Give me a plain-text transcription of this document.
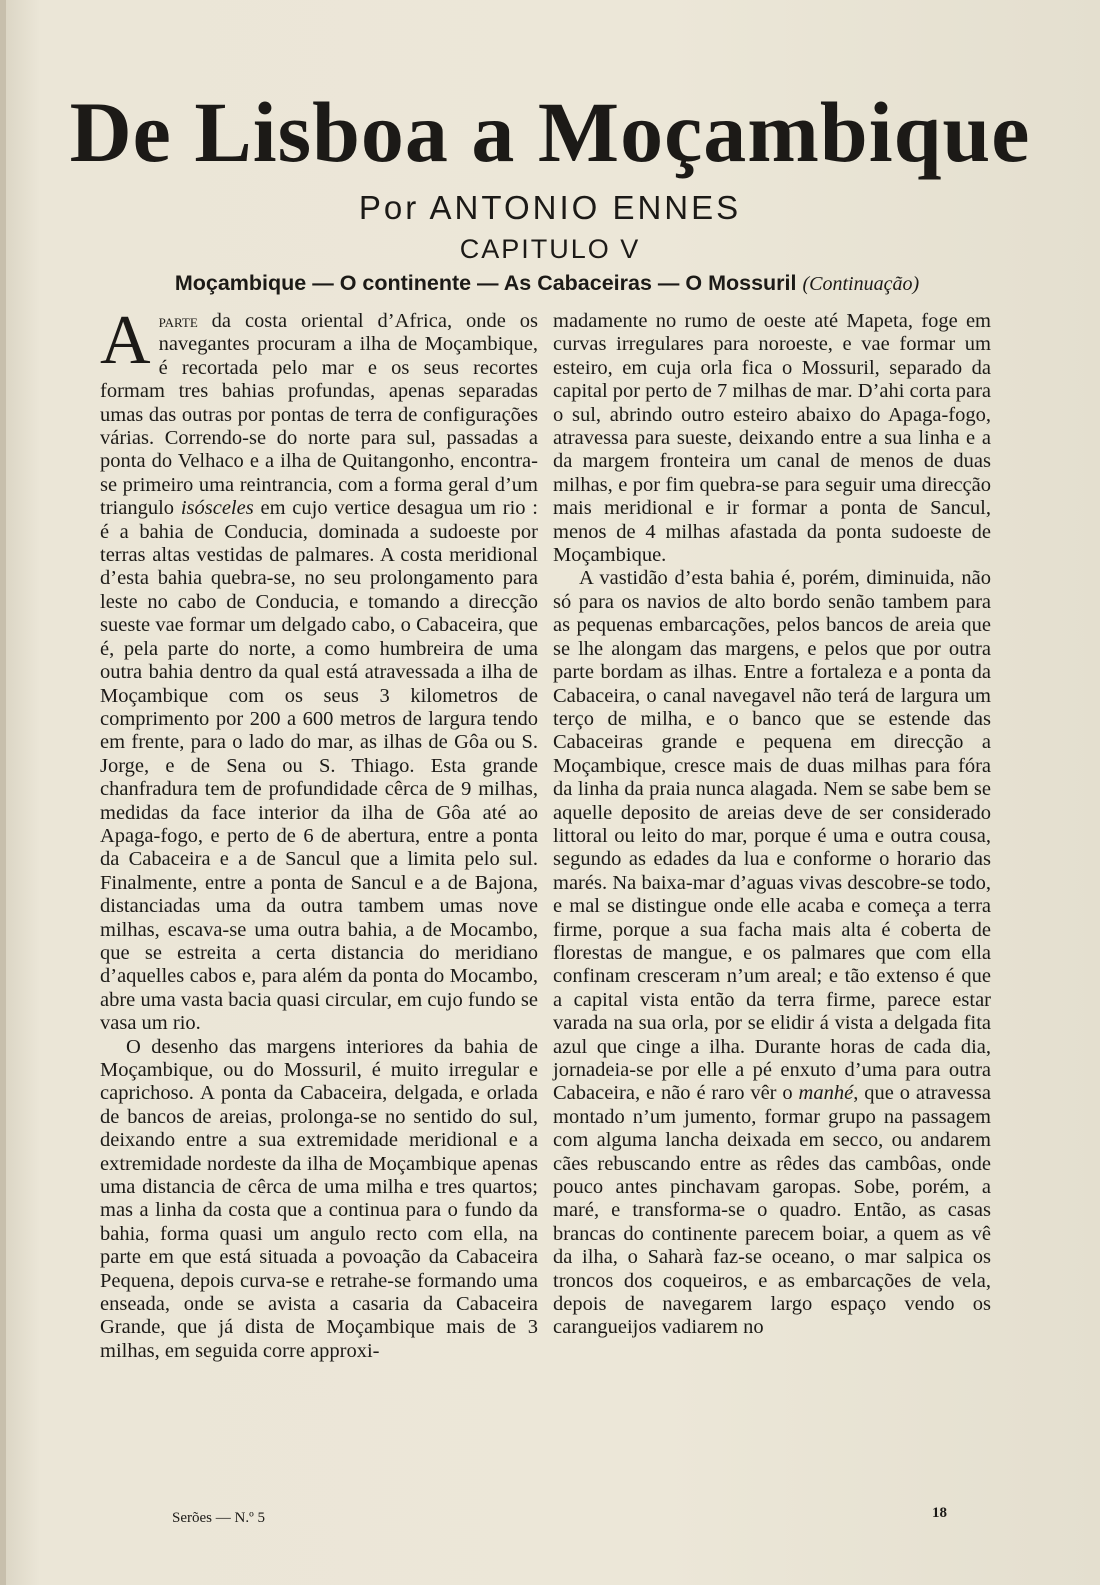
De Lisboa a Moçambique
Por ANTONIO ENNES
CAPITULO V
Moçambique — O continente — As Cabaceiras — O Mossuril (Continuação)

Aparte da costa oriental d’Africa, onde os navegantes procuram a ilha de Moçambique, é recortada pelo mar e os seus recortes formam tres bahias profundas, apenas separadas umas das outras por pontas de terra de configurações várias. Correndo-se do norte para sul, passadas a ponta do Velhaco e a ilha de Quitangonho, encontra-se primeiro uma reintrancia, com a forma geral d’um triangulo isósceles em cujo vertice desagua um rio : é a bahia de Conducia, dominada a sudoeste por terras altas vestidas de palmares. A costa meridional d’esta bahia quebra-se, no seu prolongamento para leste no cabo de Conducia, e tomando a direcção sueste vae formar um delgado cabo, o Cabaceira, que é, pela parte do norte, a como humbreira de uma outra bahia dentro da qual está atravessada a ilha de Moçambique com os seus 3 kilometros de comprimento por 200 a 600 metros de largura tendo em frente, para o lado do mar, as ilhas de Gôa ou S. Jorge, e de Sena ou S. Thiago. Esta grande chanfradura tem de profundidade cêrca de 9 milhas, medidas da face interior da ilha de Gôa até ao Apaga-fogo, e perto de 6 de abertura, entre a ponta da Cabaceira e a de Sancul que a limita pelo sul. Finalmente, entre a ponta de Sancul e a de Bajona, distanciadas uma da outra tambem umas nove milhas, escava-se uma outra bahia, a de Mocambo, que se estreita a certa distancia do meridiano d’aquelles cabos e, para além da ponta do Mocambo, abre uma vasta bacia quasi circular, em cujo fundo se vasa um rio.

O desenho das margens interiores da bahia de Moçambique, ou do Mossuril, é muito irregular e caprichoso. A ponta da Cabaceira, delgada, e orlada de bancos de areias, prolonga-se no sentido do sul, deixando entre a sua extremidade meridional e a extremidade nordeste da ilha de Moçambique apenas uma distancia de cêrca de uma milha e tres quartos; mas a linha da costa que a continua para o fundo da bahia, forma quasi um angulo recto com ella, na parte em que está situada a povoação da Cabaceira Pequena, depois curva-se e retrahe-se formando uma enseada, onde se avista a casaria da Cabaceira Grande, que já dista de Moçambique mais de 3 milhas, em seguida corre approxi-

madamente no rumo de oeste até Mapeta, foge em curvas irregulares para noroeste, e vae formar um esteiro, em cuja orla fica o Mossuril, separado da capital por perto de 7 milhas de mar. D’ahi corta para o sul, abrindo outro esteiro abaixo do Apaga-fogo, atravessa para sueste, deixando entre a sua linha e a da margem fronteira um canal de menos de duas milhas, e por fim quebra-se para seguir uma direcção mais meridional e ir formar a ponta de Sancul, menos de 4 milhas afastada da ponta sudoeste de Moçambique.

A vastidão d’esta bahia é, porém, diminuida, não só para os navios de alto bordo senão tambem para as pequenas embarcações, pelos bancos de areia que se lhe alongam das margens, e pelos que por outra parte bordam as ilhas. Entre a fortaleza e a ponta da Cabaceira, o canal navegavel não terá de largura um terço de milha, e o banco que se estende das Cabaceiras grande e pequena em direcção a Moçambique, cresce mais de duas milhas para fóra da linha da praia nunca alagada. Nem se sabe bem se aquelle deposito de areias deve de ser considerado littoral ou leito do mar, porque é uma e outra cousa, segundo as edades da lua e conforme o horario das marés. Na baixa-mar d’aguas vivas descobre-se todo, e mal se distingue onde elle acaba e começa a terra firme, porque a sua facha mais alta é coberta de florestas de mangue, e os palmares que com ella confinam cresceram n’um areal; e tão extenso é que a capital vista então da terra firme, parece estar varada na sua orla, por se elidir á vista a delgada fita azul que cinge a ilha. Durante horas de cada dia, jornadeia-se por elle a pé enxuto d’uma para outra Cabaceira, e não é raro vêr o manhé, que o atravessa montado n’um jumento, formar grupo na passagem com alguma lancha deixada em secco, ou andarem cães rebuscando entre as rêdes das cambôas, onde pouco antes pinchavam garopas. Sobe, porém, a maré, e transforma-se o quadro. Então, as casas brancas do continente parecem boiar, a quem as vê da ilha, o Saharà faz-se oceano, o mar salpica os troncos dos coqueiros, e as embarcações de vela, depois de navegarem largo espaço vendo os carangueijos vadiarem no

Serões — N.º 5	18
